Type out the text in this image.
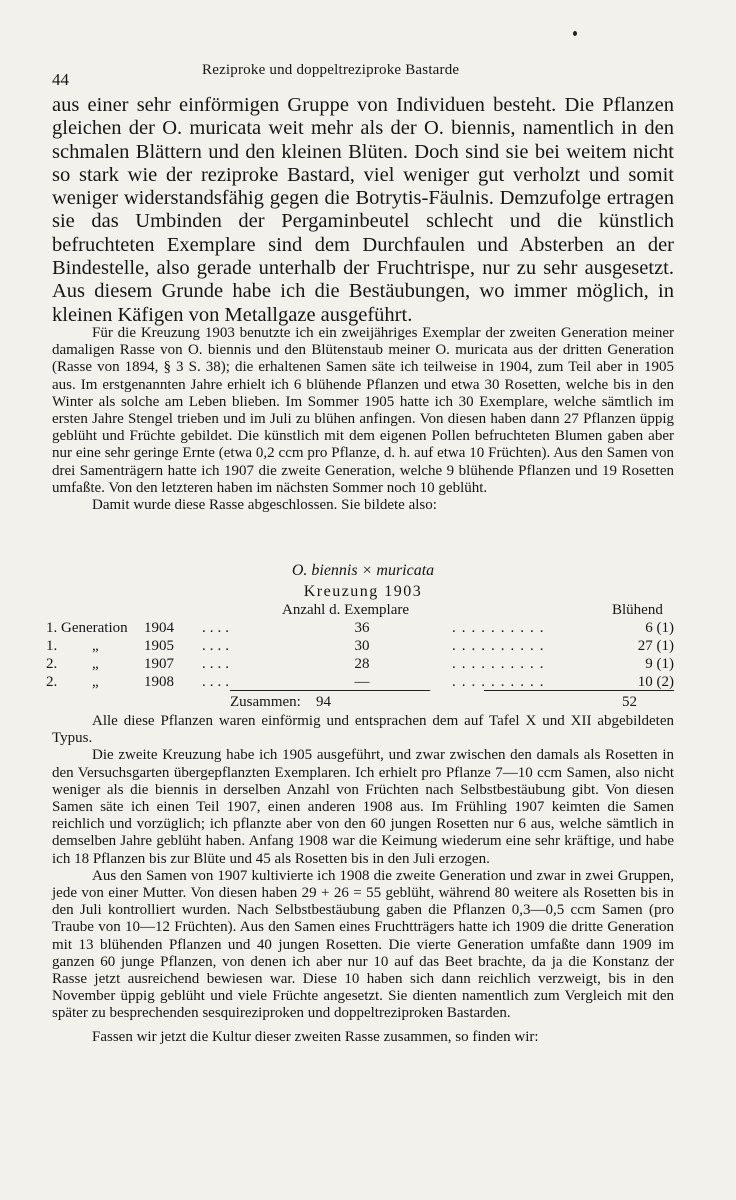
44	Reziproke und doppeltreziproke Bastarde

aus einer sehr einförmigen Gruppe von Individuen besteht. Die Pflanzen gleichen der O. muricata weit mehr als der O. biennis, namentlich in den schmalen Blättern und den kleinen Blüten. Doch sind sie bei weitem nicht so stark wie der reziproke Bastard, viel weniger gut verholzt und somit weniger widerstandsfähig gegen die Botrytis-Fäulnis. Demzufolge ertragen sie das Umbinden der Pergaminbeutel schlecht und die künstlich befruchteten Exemplare sind dem Durchfaulen und Absterben an der Bindestelle, also gerade unterhalb der Fruchtrispe, nur zu sehr ausgesetzt. Aus diesem Grunde habe ich die Bestäubungen, wo immer möglich, in kleinen Käfigen von Metallgaze ausgeführt.

Für die Kreuzung 1903 benutzte ich ein zweijähriges Exemplar der zweiten Generation meiner damaligen Rasse von O. biennis und den Blütenstaub meiner O. muricata aus der dritten Generation (Rasse von 1894, § 3 S. 38); die erhaltenen Samen säte ich teilweise in 1904, zum Teil aber in 1905 aus. Im erstgenannten Jahre erhielt ich 6 blühende Pflanzen und etwa 30 Rosetten, welche bis in den Winter als solche am Leben blieben. Im Sommer 1905 hatte ich 30 Exemplare, welche sämtlich im ersten Jahre Stengel trieben und im Juli zu blühen anfingen. Von diesen haben dann 27 Pflanzen üppig geblüht und Früchte gebildet. Die künstlich mit dem eigenen Pollen befruchteten Blumen gaben aber nur eine sehr geringe Ernte (etwa 0,2 ccm pro Pflanze, d. h. auf etwa 10 Früchten). Aus den Samen von drei Samenträgern hatte ich 1907 die zweite Generation, welche 9 blühende Pflanzen und 19 Rosetten umfaßte. Von den letzteren haben im nächsten Sommer noch 10 geblüht.

Damit wurde diese Rasse abgeschlossen. Sie bildete also:

O. biennis × muricata
Kreuzung 1903
Anzahl d. Exemplare	Blühend
1. Generation 1904 ....	36	..........	6 (1)
1. „	1905 ....	30	..........	27 (1)
2. „	1907 ....	28	..........	9 (1)
2. „	1908 ....	—	..........	10 (2)
Zusammen: 94	52

Alle diese Pflanzen waren einförmig und entsprachen dem auf Tafel X und XII abgebildeten Typus.

Die zweite Kreuzung habe ich 1905 ausgeführt, und zwar zwischen den damals als Rosetten in den Versuchsgarten übergepflanzten Exemplaren. Ich erhielt pro Pflanze 7—10 ccm Samen, also nicht weniger als die biennis in derselben Anzahl von Früchten nach Selbstbestäubung gibt. Von diesen Samen säte ich einen Teil 1907, einen anderen 1908 aus. Im Frühling 1907 keimten die Samen reichlich und vorzüglich; ich pflanzte aber von den 60 jungen Rosetten nur 6 aus, welche sämtlich in demselben Jahre geblüht haben. Anfang 1908 war die Keimung wiederum eine sehr kräftige, und habe ich 18 Pflanzen bis zur Blüte und 45 als Rosetten bis in den Juli erzogen.

Aus den Samen von 1907 kultivierte ich 1908 die zweite Generation und zwar in zwei Gruppen, jede von einer Mutter. Von diesen haben 29 + 26 = 55 geblüht, während 80 weitere als Rosetten bis in den Juli kontrolliert wurden. Nach Selbstbestäubung gaben die Pflanzen 0,3—0,5 ccm Samen (pro Traube von 10—12 Früchten). Aus den Samen eines Fruchtträgers hatte ich 1909 die dritte Generation mit 13 blühenden Pflanzen und 40 jungen Rosetten. Die vierte Generation umfaßte dann 1909 im ganzen 60 junge Pflanzen, von denen ich aber nur 10 auf das Beet brachte, da ja die Konstanz der Rasse jetzt ausreichend bewiesen war. Diese 10 haben sich dann reichlich verzweigt, bis in den November üppig geblüht und viele Früchte angesetzt. Sie dienten namentlich zum Vergleich mit den später zu besprechenden sesquireziproken und doppeltreziproken Bastarden.

Fassen wir jetzt die Kultur dieser zweiten Rasse zusammen, so finden wir:
